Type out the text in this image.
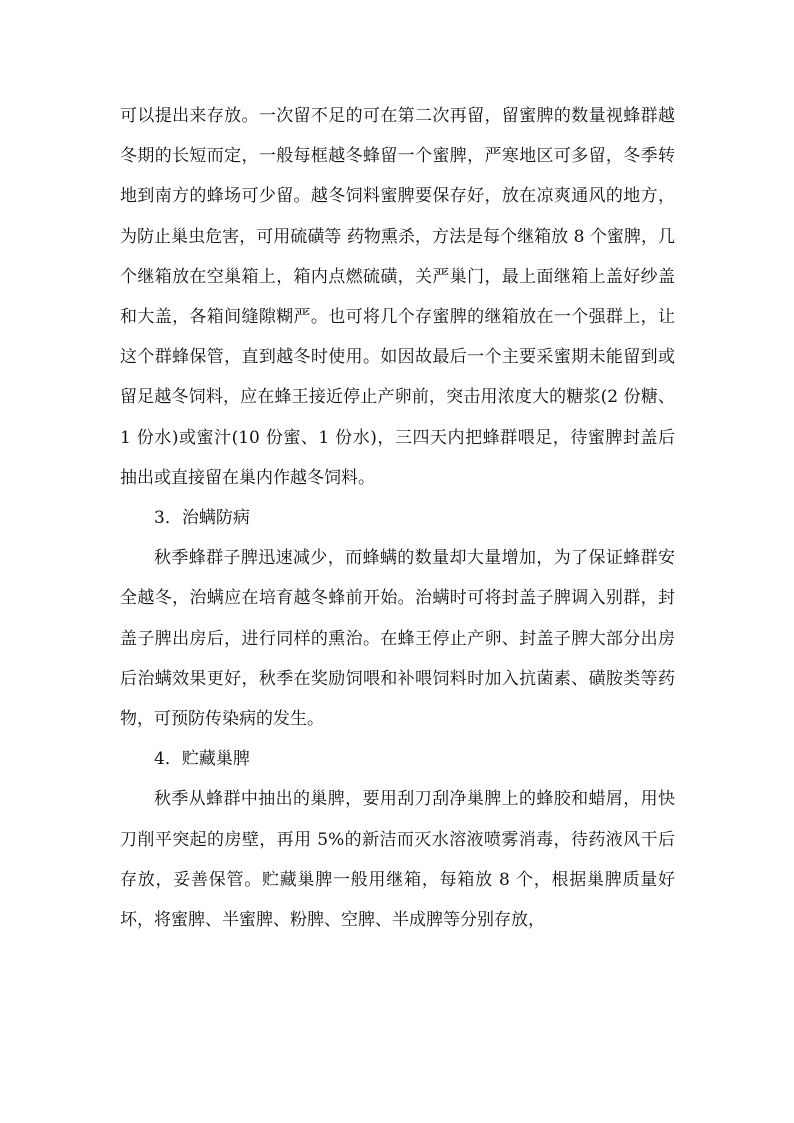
可以提出来存放。一次留不足的可在第二次再留，留蜜脾的数量视蜂群越冬期的长短而定，一般每框越冬蜂留一个蜜脾，严寒地区可多留，冬季转地到南方的蜂场可少留。越冬饲料蜜脾要保存好，放在凉爽通风的地方，为防止巢虫危害，可用硫磺等 药物熏杀，方法是每个继箱放 8 个蜜脾，几个继箱放在空巢箱上，箱内点燃硫磺，关严巢门，最上面继箱上盖好纱盖和大盖，各箱间缝隙糊严。也可将几个存蜜脾的继箱放在一个强群上，让这个群蜂保管，直到越冬时使用。如因故最后一个主要采蜜期未能留到或留足越冬饲料，应在蜂王接近停止产卵前，突击用浓度大的糖浆(2 份糖、1 份水)或蜜汁(10 份蜜、1 份水)，三四天内把蜂群喂足，待蜜脾封盖后抽出或直接留在巢内作越冬饲料。

3．治螨防病

秋季蜂群子脾迅速减少，而蜂螨的数量却大量增加，为了保证蜂群安全越冬，治螨应在培育越冬蜂前开始。治螨时可将封盖子脾调入别群，封盖子脾出房后，进行同样的熏治。在蜂王停止产卵、封盖子脾大部分出房后治螨效果更好，秋季在奖励饲喂和补喂饲料时加入抗菌素、磺胺类等药物，可预防传染病的发生。

4．贮藏巢脾

秋季从蜂群中抽出的巢脾，要用刮刀刮净巢脾上的蜂胶和蜡屑，用快刀削平突起的房壁，再用 5%的新洁而灭水溶液喷雾消毒，待药液风干后存放，妥善保管。贮藏巢脾一般用继箱，每箱放 8 个，根据巢脾质量好坏，将蜜脾、半蜜脾、粉脾、空脾、半成脾等分别存放，
